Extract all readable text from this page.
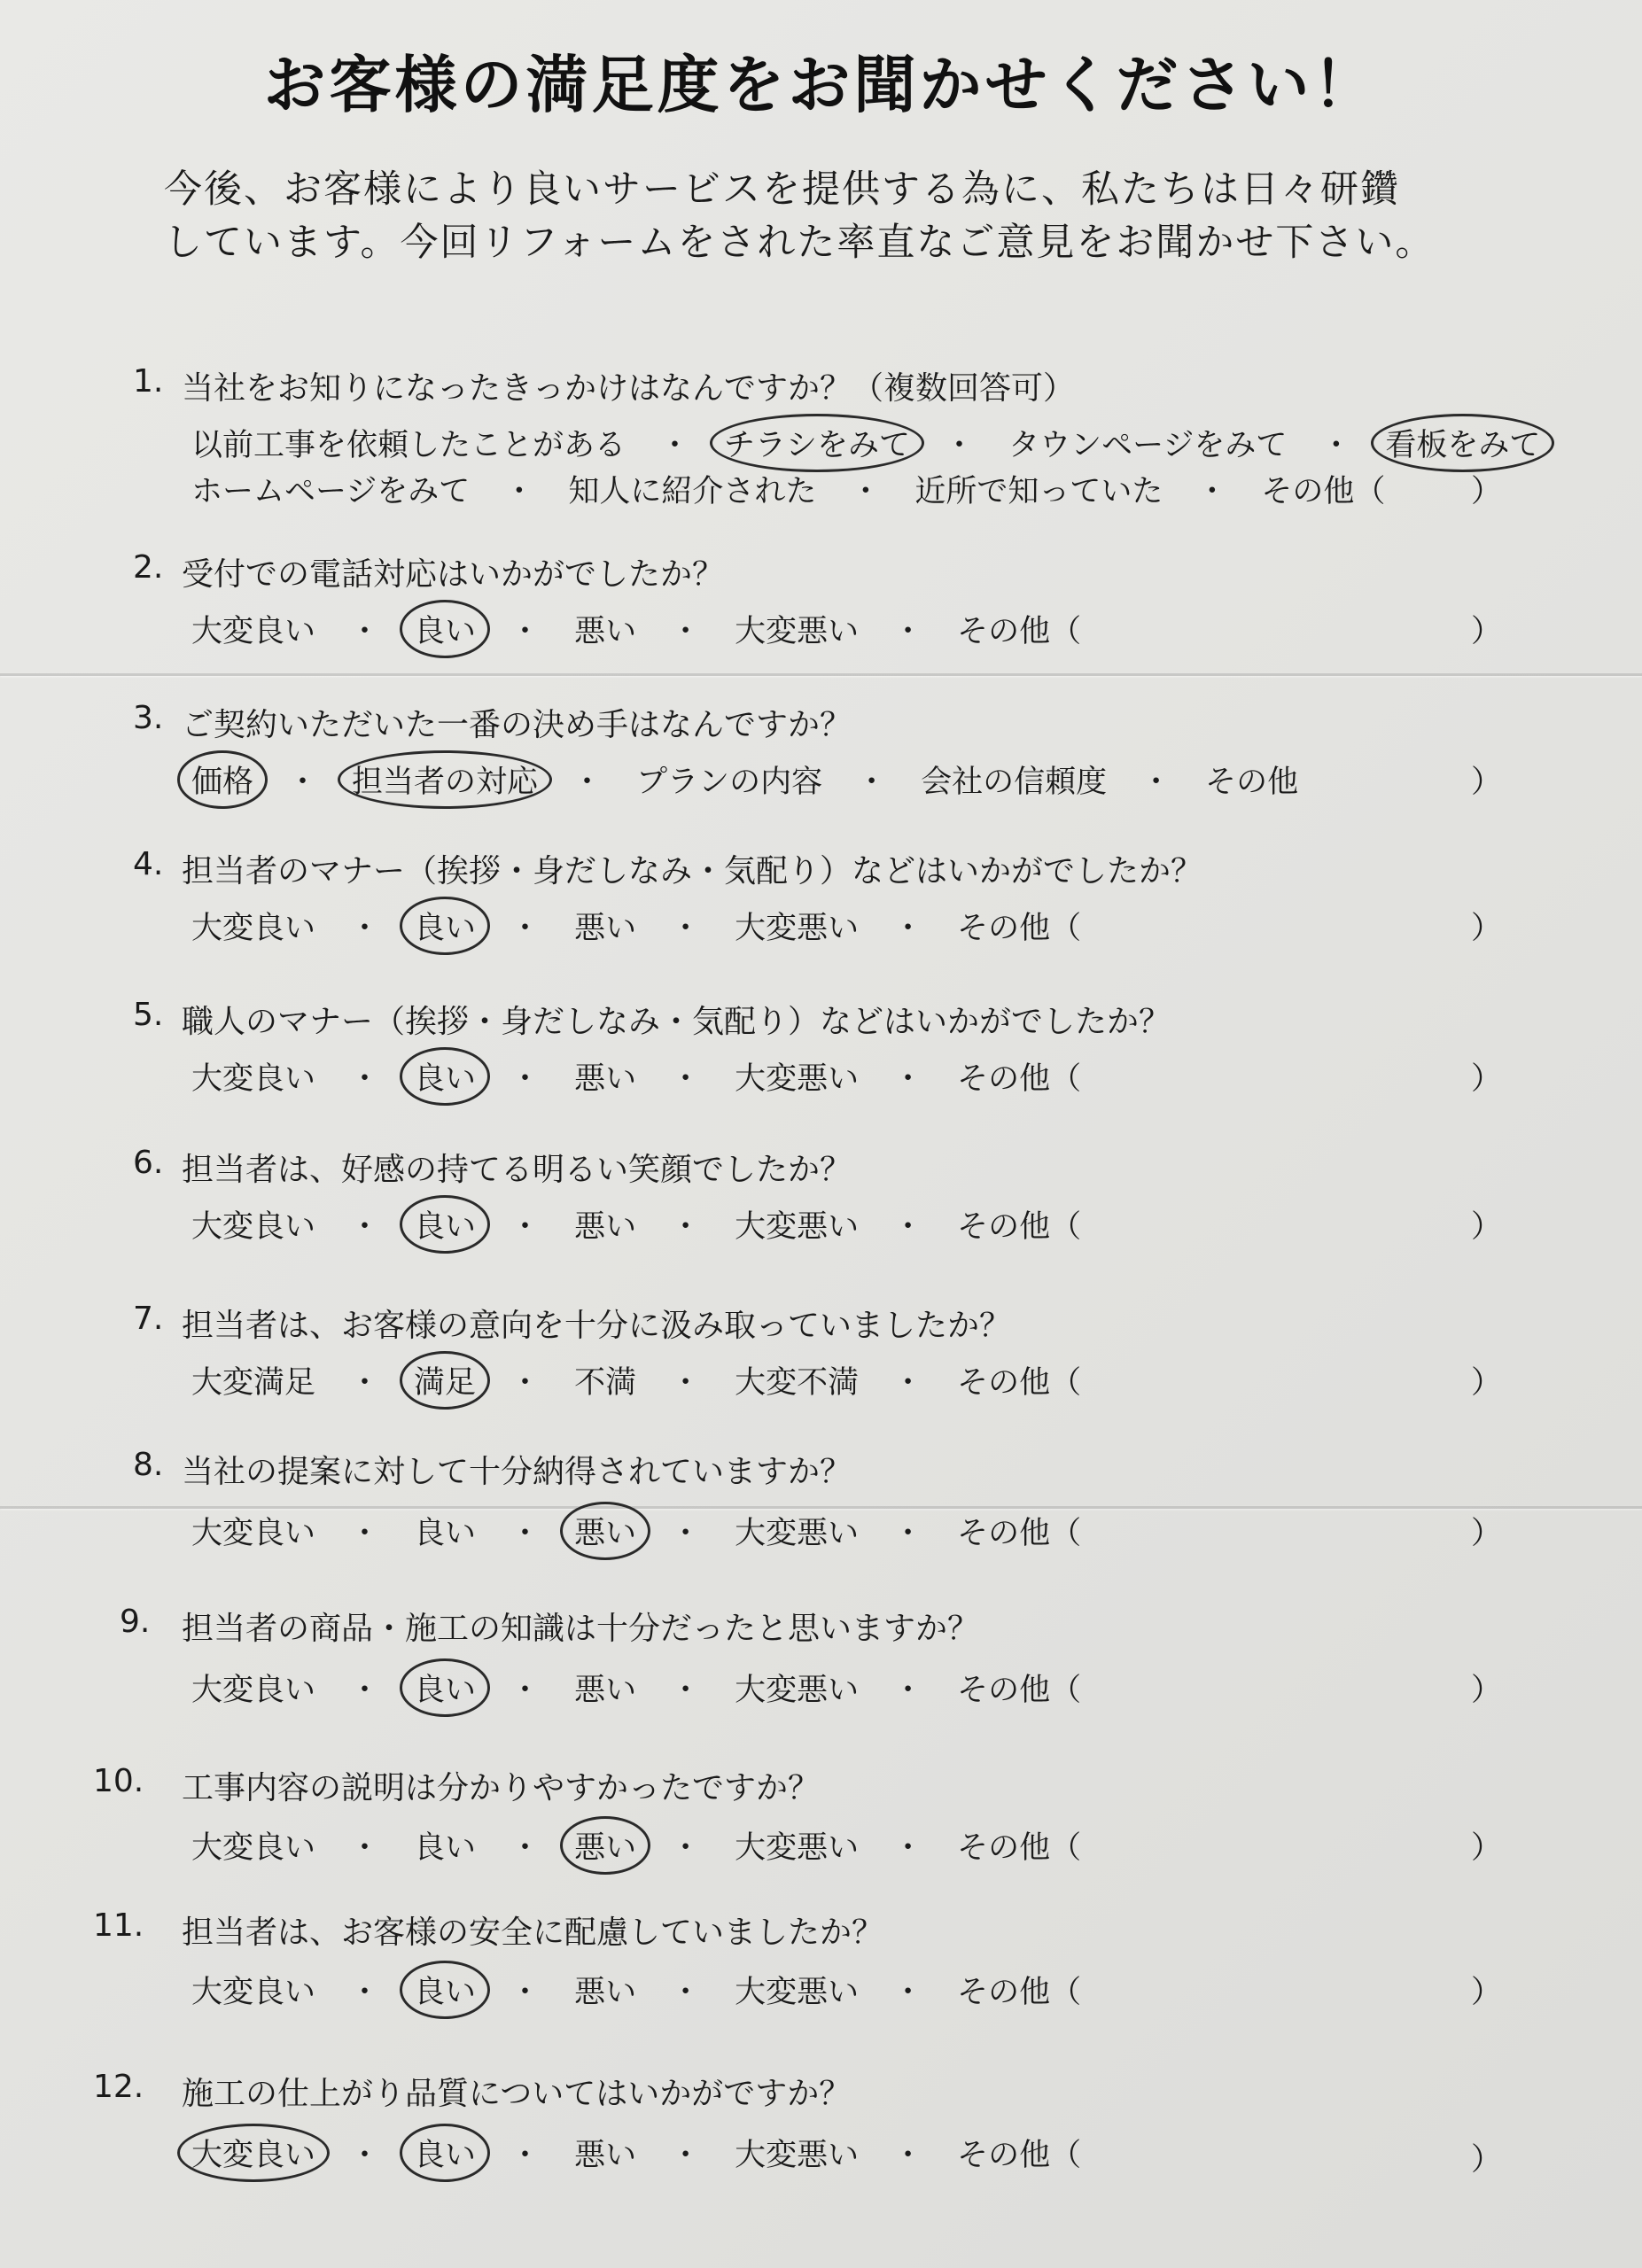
お客様の満足度をお聞かせください！
今後、お客様により良いサービスを提供する為に、私たちは日々研鑽
しています。今回リフォームをされた率直なご意見をお聞かせ下さい。
1. 当社をお知りになったきっかけはなんですか？（複数回答可）
以前工事を依頼したことがある ・ チラシをみて ・ タウンページをみて ・ 看板をみて
ホームページをみて ・ 知人に紹介された ・ 近所で知っていた ・ その他（	）
2. 受付での電話対応はいかがでしたか？
大変良い ・ 良い ・ 悪い ・ 大変悪い ・ その他（	）
3. ご契約いただいた一番の決め手はなんですか？
価格 ・ 担当者の対応 ・ プランの内容 ・ 会社の信頼度 ・ その他	）
4. 担当者のマナー（挨拶・身だしなみ・気配り）などはいかがでしたか？
大変良い ・ 良い ・ 悪い ・ 大変悪い ・ その他（	）
5. 職人のマナー（挨拶・身だしなみ・気配り）などはいかがでしたか？
大変良い ・ 良い ・ 悪い ・ 大変悪い ・ その他（	）
6. 担当者は、好感の持てる明るい笑顔でしたか？
大変良い ・ 良い ・ 悪い ・ 大変悪い ・ その他（	）
7. 担当者は、お客様の意向を十分に汲み取っていましたか？
大変満足 ・ 満足 ・ 不満 ・ 大変不満 ・ その他（	）
8. 当社の提案に対して十分納得されていますか？
大変良い ・ 良い ・ 悪い ・ 大変悪い ・ その他（	）
9. 担当者の商品・施工の知識は十分だったと思いますか？
大変良い ・ 良い ・ 悪い ・ 大変悪い ・ その他（	）
10. 工事内容の説明は分かりやすかったですか？
大変良い ・ 良い ・ 悪い ・ 大変悪い ・ その他（	）
11. 担当者は、お客様の安全に配慮していましたか？
大変良い ・ 良い ・ 悪い ・ 大変悪い ・ その他（	）
12. 施工の仕上がり品質についてはいかがですか？
大変良い ・ 良い ・ 悪い ・ 大変悪い ・ その他（	）
